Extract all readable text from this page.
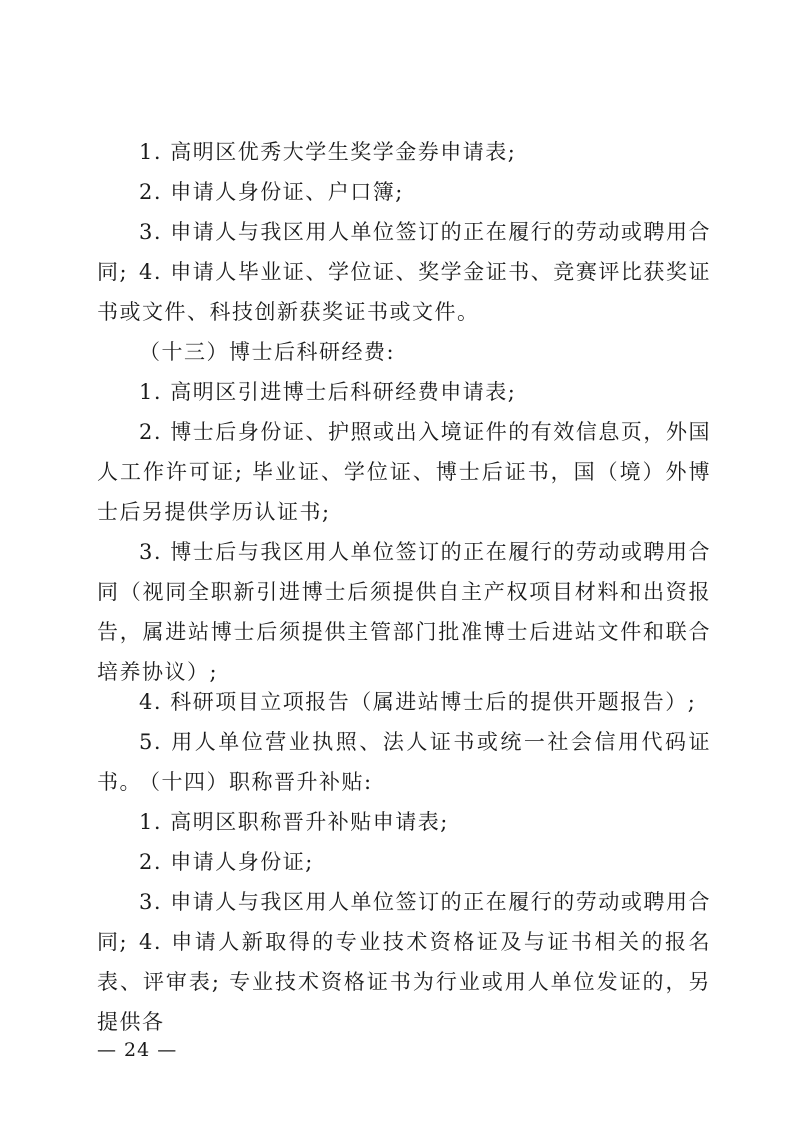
1. 高明区优秀大学生奖学金券申请表;

2. 申请人身份证、户口簿;

3. 申请人与我区用人单位签订的正在履行的劳动或聘用合同; 4. 申请人毕业证、学位证、奖学金证书、竞赛评比获奖证书或文件、科技创新获奖证书或文件。

（十三）博士后科研经费:

1. 高明区引进博士后科研经费申请表;

2. 博士后身份证、护照或出入境证件的有效信息页，外国人工作许可证; 毕业证、学位证、博士后证书，国（境）外博士后另提供学历认证书;

3. 博士后与我区用人单位签订的正在履行的劳动或聘用合同（视同全职新引进博士后须提供自主产权项目材料和出资报告，属进站博士后须提供主管部门批准博士后进站文件和联合培养协议）;

4. 科研项目立项报告（属进站博士后的提供开题报告）;

5. 用人单位营业执照、法人证书或统一社会信用代码证书。

（十四）职称晋升补贴:

1. 高明区职称晋升补贴申请表;

2. 申请人身份证;

3. 申请人与我区用人单位签订的正在履行的劳动或聘用合同; 4. 申请人新取得的专业技术资格证及与证书相关的报名表、评审表; 专业技术资格证书为行业或用人单位发证的，另提供各

— 24 —
